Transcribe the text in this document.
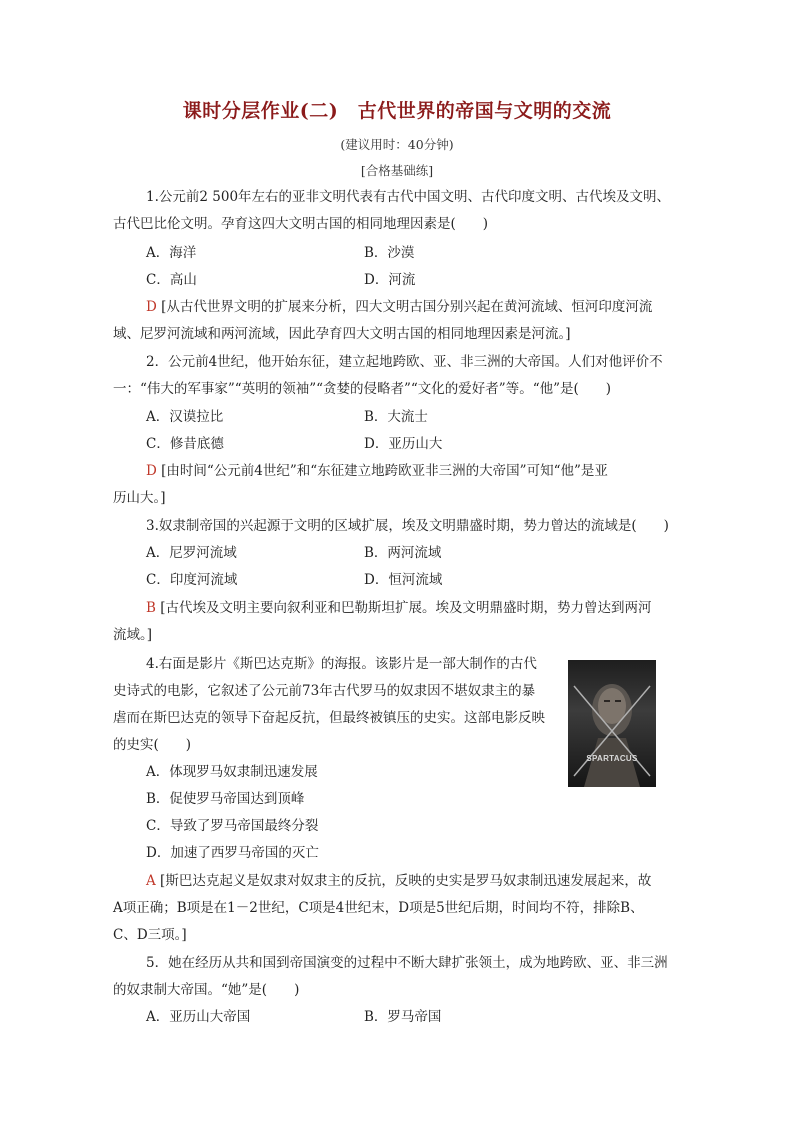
课时分层作业(二)　古代世界的帝国与文明的交流
(建议用时：40分钟)
[合格基础练]
1.公元前2 500年左右的亚非文明代表有古代中国文明、古代印度文明、古代埃及文明、
古代巴比伦文明。孕育这四大文明古国的相同地理因素是(　　)
A．海洋	B．沙漠
C．高山	D．河流
D [从古代世界文明的扩展来分析，四大文明古国分别兴起在黄河流域、恒河印度河流
域、尼罗河流域和两河流域，因此孕育四大文明古国的相同地理因素是河流。]
2．公元前4世纪，他开始东征，建立起地跨欧、亚、非三洲的大帝国。人们对他评价不
一：“伟大的军事家”“英明的领袖”“贪婪的侵略者”“文化的爱好者”等。“他”是(　　)
A．汉谟拉比	B．大流士
C．修昔底德	D．亚历山大
D [由时间“公元前4世纪”和“东征建立地跨欧亚非三洲的大帝国”可知“他”是亚
历山大。]
3.奴隶制帝国的兴起源于文明的区域扩展，埃及文明鼎盛时期，势力曾达的流域是(　　)
A．尼罗河流域	B．两河流域
C．印度河流域	D．恒河流域
B [古代埃及文明主要向叙利亚和巴勒斯坦扩展。埃及文明鼎盛时期，势力曾达到两河
流域。]
4.右面是影片《斯巴达克斯》的海报。该影片是一部大制作的古代
史诗式的电影，它叙述了公元前73年古代罗马的奴隶因不堪奴隶主的暴
虐而在斯巴达克的领导下奋起反抗，但最终被镇压的史实。这部电影反映
的史实(　　)
A．体现罗马奴隶制迅速发展
B．促使罗马帝国达到顶峰
C．导致了罗马帝国最终分裂
D．加速了西罗马帝国的灭亡
SPARTACUS
A [斯巴达克起义是奴隶对奴隶主的反抗，反映的史实是罗马奴隶制迅速发展起来，故
A项正确；B项是在1－2世纪，C项是4世纪末，D项是5世纪后期，时间均不符，排除B、
C、D三项。]
5．她在经历从共和国到帝国演变的过程中不断大肆扩张领土，成为地跨欧、亚、非三洲
的奴隶制大帝国。“她”是(　　)
A．亚历山大帝国	B．罗马帝国
